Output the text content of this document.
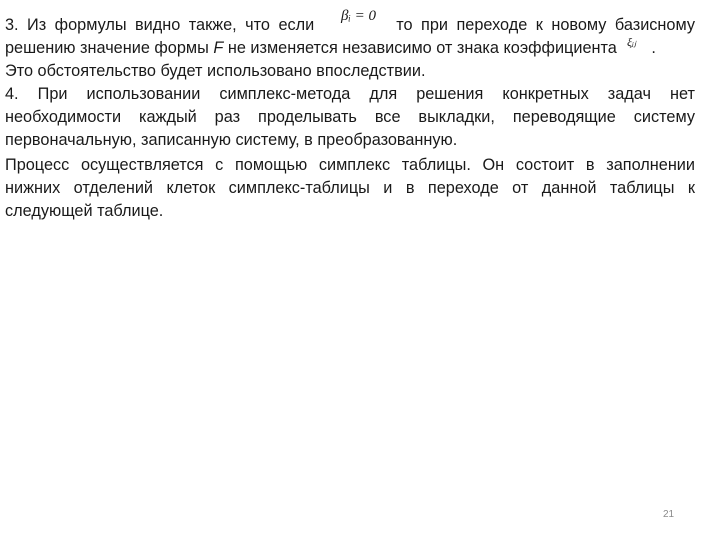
3. Из формулы видно также, что если	то при переходе к новому базисному
βᵢ = 0
решению значение формы F не изменяется независимо от знака коэффициента .
ξᵢⱼ
Это обстоятельство будет использовано впоследствии.
4. При использовании симплекс-метода для решения конкретных задач нет
необходимости каждый раз проделывать все выкладки, переводящие систему
первоначальную, записанную систему, в преобразованную.
Процесс осуществляется с помощью симплекс таблицы. Он состоит в заполнении
нижних отделений клеток симплекс-таблицы и в переходе от данной таблицы к
следующей таблице.
21
